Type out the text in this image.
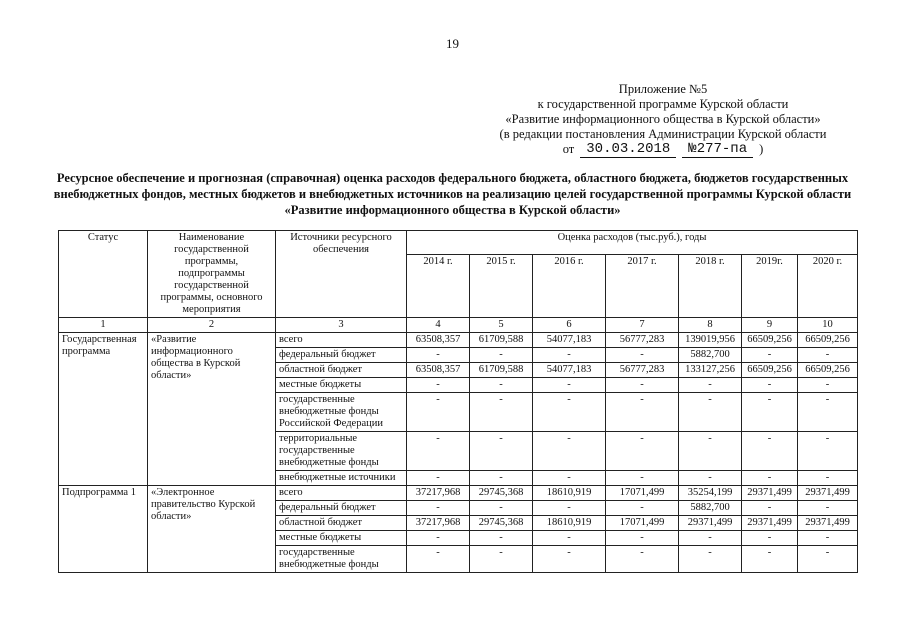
19
Приложение №5
к государственной программе Курской области
«Развитие информационного общества в Курской области»
(в редакции постановления Администрации Курской области
от 30.03.2018	№277-па )
Ресурсное обеспечение и прогнозная (справочная) оценка расходов федерального бюджета, областного бюджета, бюджетов государственных внебюджетных фондов, местных бюджетов и внебюджетных источников на реализацию целей государственной программы Курской области «Развитие информационного общества в Курской области»
Статус	Наименование государственной программы, подпрограммы государственной программы, основного мероприятия	Источники ресурсного обеспечения	Оценка расходов (тыс.руб.), годы						
			2014 г.	2015 г.	2016 г.	2017 г.	2018 г.	2019г.	2020 г.
1	2	3	4	5	6	7	8	9	10
Государственная программа	«Развитие информационного общества в Курской области»	всего	63508,357	61709,588	54077,183	56777,283	139019,956	66509,256	66509,256
		федеральный бюджет	-	-	-	-	5882,700	-	-
		областной бюджет	63508,357	61709,588	54077,183	56777,283	133127,256	66509,256	66509,256
		местные бюджеты	-	-	-	-	-	-	-
		государственные внебюджетные фонды Российской Федерации	-	-	-	-	-	-	-
		территориальные государственные внебюджетные фонды	-	-	-	-	-	-	-
		внебюджетные источники	-	-	-	-	-	-	-
Подпрограмма 1	«Электронное правительство Курской области»	всего	37217,968	29745,368	18610,919	17071,499	35254,199	29371,499	29371,499
		федеральный бюджет	-	-	-	-	5882,700	-	-
		областной бюджет	37217,968	29745,368	18610,919	17071,499	29371,499	29371,499	29371,499
		местные бюджеты	-	-	-	-	-	-	-
		государственные внебюджетные фонды	-	-	-	-	-	-	-
